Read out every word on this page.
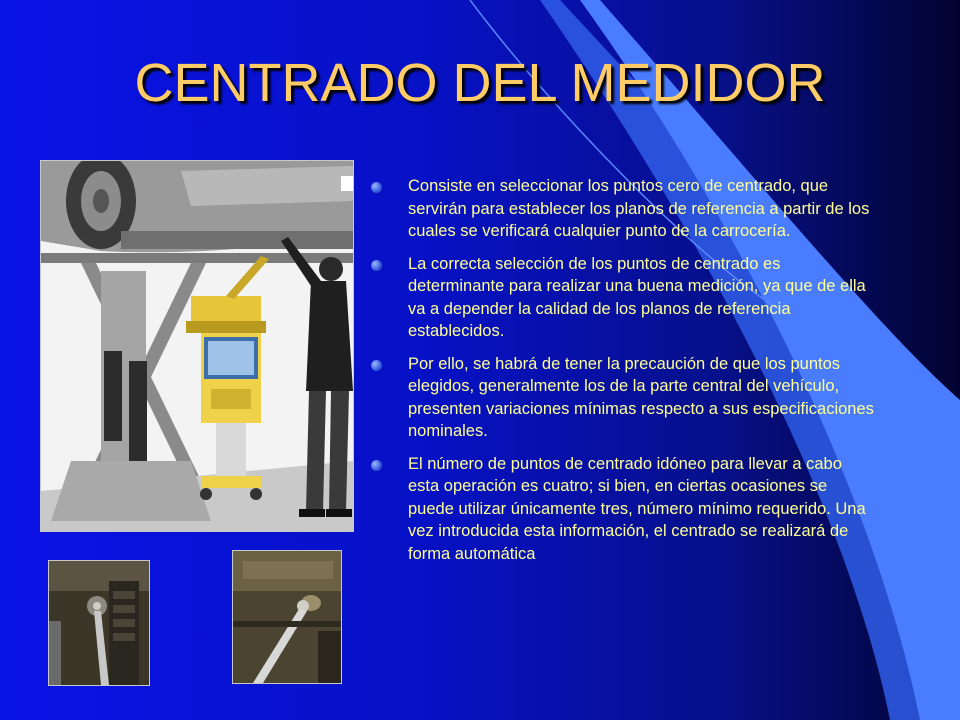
CENTRADO DEL MEDIDOR
Consiste en seleccionar los puntos cero de centrado, que servirán para establecer los planos de referencia a partir de los cuales se verificará cualquier punto de la carrocería.
La correcta selección de los puntos de centrado es determinante para realizar una buena medición, ya que de ella va a depender la calidad de los planos de referencia establecidos.
Por ello, se habrá de tener la precaución de que los puntos elegidos, generalmente los de la parte central del vehículo, presenten variaciones mínimas respecto a sus especificaciones nominales.
El número de puntos de centrado idóneo para llevar a cabo esta operación es cuatro; si bien, en ciertas ocasiones se puede utilizar únicamente tres, número mínimo requerido. Una vez introducida esta información, el centrado se realizará de forma automática
